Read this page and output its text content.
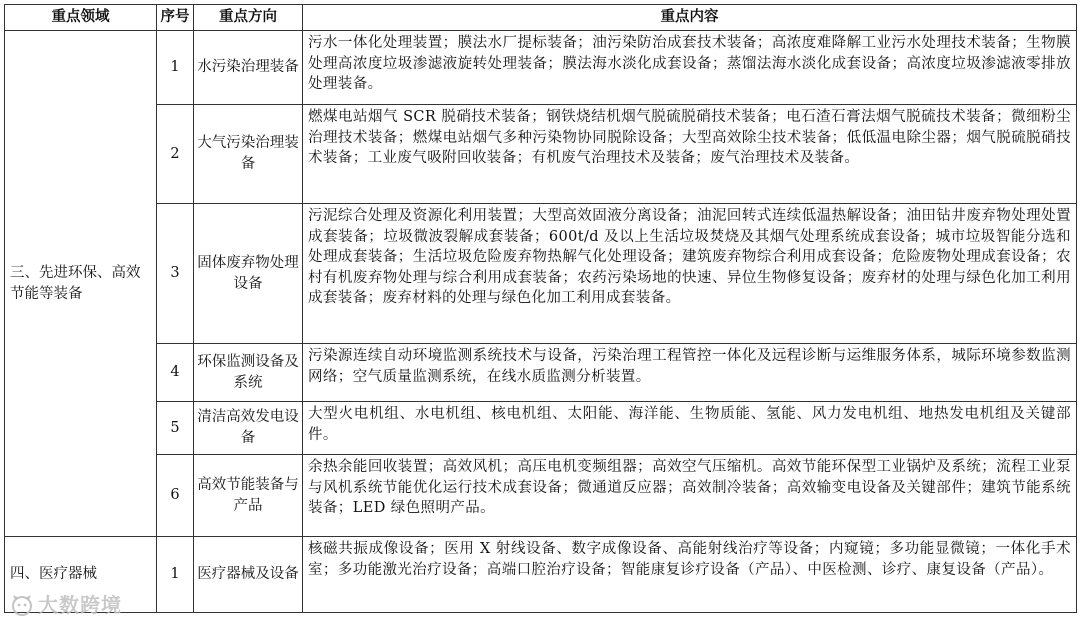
重点领域	序号	重点方向	重点内容
三、先进环保、高效节能等装备	1	水污染治理装备	污水一体化处理装置；膜法水厂提标装备；油污染防治成套技术装备；高浓度难降解工业污水处理技术装备；生物膜处理高浓度垃圾渗滤液旋转处理装备；膜法海水淡化成套设备；蒸馏法海水淡化成套设备；高浓度垃圾渗滤液零排放处理装备。
	2	大气污染治理装备	燃煤电站烟气 SCR 脱硝技术装备；钢铁烧结机烟气脱硫脱硝技术装备；电石渣石膏法烟气脱硫技术装备；微细粉尘治理技术装备；燃煤电站烟气多种污染物协同脱除设备；大型高效除尘技术装备；低低温电除尘器；烟气脱硫脱硝技术装备；工业废气吸附回收装备；有机废气治理技术及装备；废气治理技术及装备。
	3	固体废弃物处理设备	污泥综合处理及资源化利用装置；大型高效固液分离设备；油泥回转式连续低温热解设备；油田钻井废弃物处理处置成套装备；垃圾微波裂解成套装备；600t/d 及以上生活垃圾焚烧及其烟气处理系统成套设备；城市垃圾智能分选和处理成套装备；生活垃圾危险废弃物热解气化处理设备；建筑废弃物综合利用成套设备；危险废物处理成套设备；农村有机废弃物处理与综合利用成套装备；农药污染场地的快速、异位生物修复设备；废弃材的处理与绿色化加工利用成套装备；废弃材料的处理与绿色化加工利用成套装备。
	4	环保监测设备及系统	污染源连续自动环境监测系统技术与设备，污染治理工程管控一体化及远程诊断与运维服务体系，城际环境参数监测网络；空气质量监测系统，在线水质监测分析装置。
	5	清洁高效发电设备	大型火电机组、水电机组、核电机组、太阳能、海洋能、生物质能、氢能、风力发电机组、地热发电机组及关键部件。
	6	高效节能装备与产品	余热余能回收装置；高效风机；高压电机变频组器；高效空气压缩机。高效节能环保型工业锅炉及系统；流程工业泵与风机系统节能优化运行技术成套设备；微通道反应器；高效制冷装备；高效输变电设备及关键部件；建筑节能系统装备；LED 绿色照明产品。
四、医疗器械	1	医疗器械及设备	核磁共振成像设备；医用 X 射线设备、数字成像设备、高能射线治疗等设备；内窥镜；多功能显微镜；一体化手术室；多功能激光治疗设备；高端口腔治疗设备；智能康复诊疗设备（产品）、中医检测、诊疗、康复设备（产品）。
大数跨境
